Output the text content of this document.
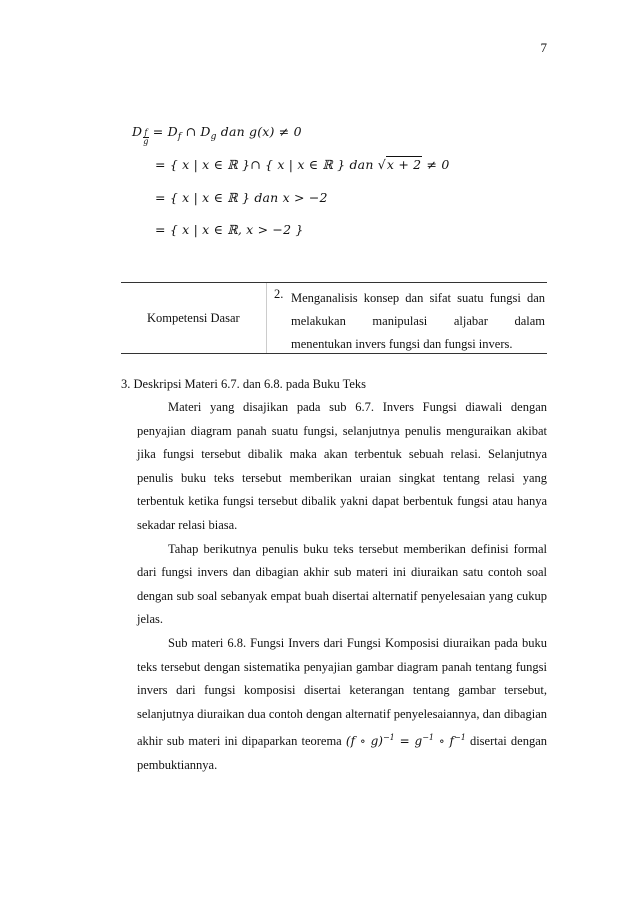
7
D $\frac{f}{g} = D_f$ ∩ $D_g$ dan g(x) ≠ 0
= { x | x ∈ ℝ }∩ { x | x ∈ ℝ } dan √x + 2 ≠ 0
= { x | x ∈ ℝ } dan x > −2
= { x | x ∈ ℝ, x > −2 }
Kompetensi Dasar
2. Menganalisis konsep dan sifat suatu fungsi dan
melakukan manipulasi aljabar dalam
menentukan invers fungsi dan fungsi invers.
3. Deskripsi Materi 6.7. dan 6.8. pada Buku Teks

Materi yang disajikan pada sub 6.7. Invers Fungsi diawali dengan penyajian diagram panah suatu fungsi, selanjutnya penulis menguraikan akibat jika fungsi tersebut dibalik maka akan terbentuk sebuah relasi. Selanjutnya penulis buku teks tersebut memberikan uraian singkat tentang relasi yang terbentuk ketika fungsi tersebut dibalik yakni dapat berbentuk fungsi atau hanya sekadar relasi biasa.

Tahap berikutnya penulis buku teks tersebut memberikan definisi formal dari fungsi invers dan dibagian akhir sub materi ini diuraikan satu contoh soal dengan sub soal sebanyak empat buah disertai alternatif penyelesaian yang cukup jelas.

Sub materi 6.8. Fungsi Invers dari Fungsi Komposisi diuraikan pada buku teks tersebut dengan sistematika penyajian gambar diagram panah tentang fungsi invers dari fungsi komposisi disertai keterangan tentang gambar tersebut, selanjutnya diuraikan dua contoh dengan alternatif penyelesaiannya, dan dibagian akhir sub materi ini dipaparkan teorema (f ∘ $g)^{-1} = g^{-1}$ ∘ $f^{-1}$ disertai dengan pembuktiannya.
